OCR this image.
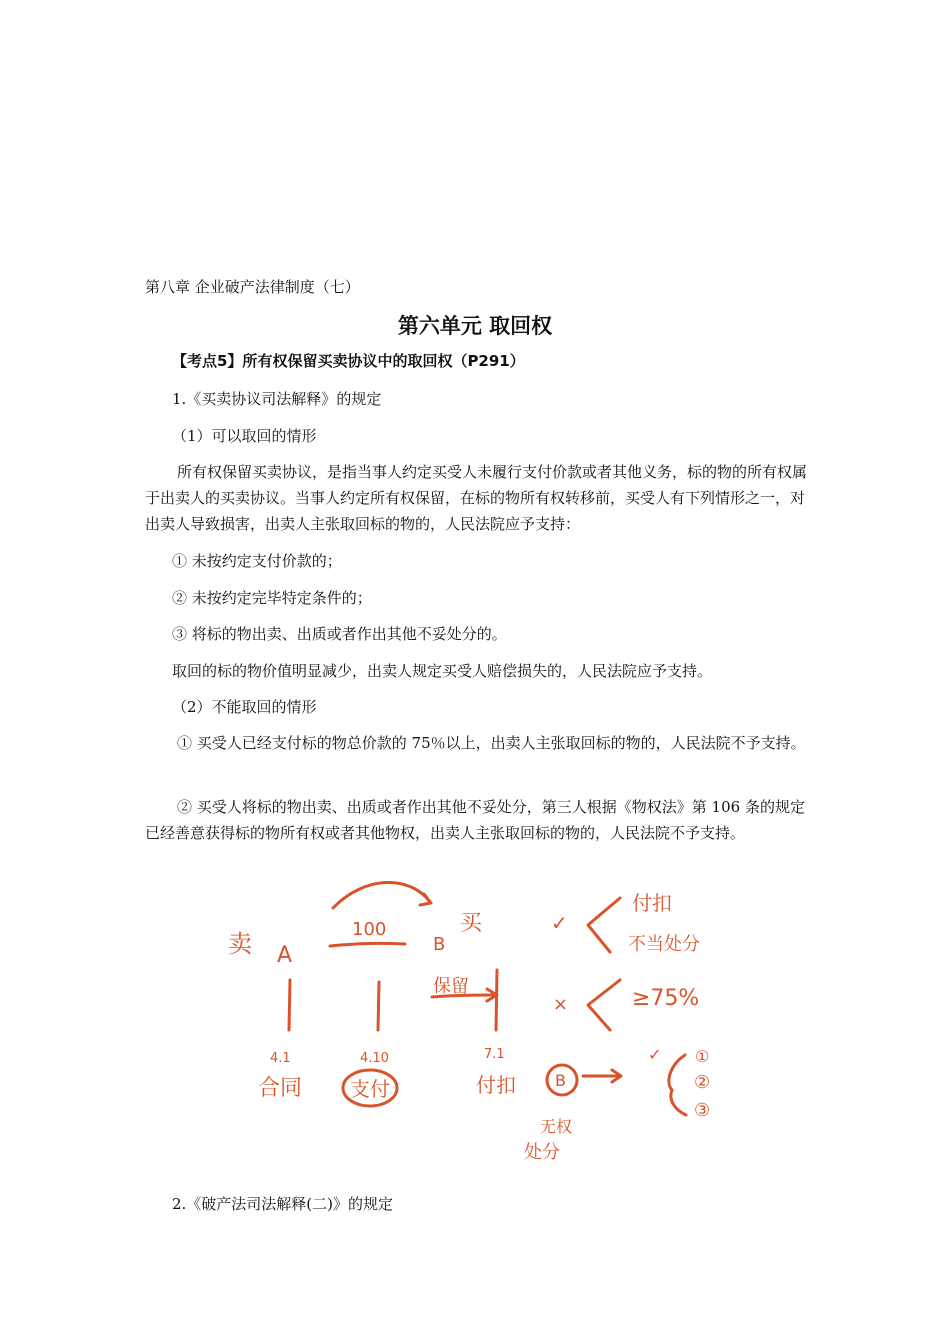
第八章 企业破产法律制度（七）
第六单元 取回权
【考点5】所有权保留买卖协议中的取回权（P291）
1.《买卖协议司法解释》的规定
（1）可以取回的情形

所有权保留买卖协议，是指当事人约定买受人未履行支付价款或者其他义务，标的物的所有权属于出卖人的买卖协议。当事人约定所有权保留，在标的物所有权转移前，买受人有下列情形之一，对出卖人导致损害，出卖人主张取回标的物的，人民法院应予支持：

① 未按约定支付价款的；
② 未按约定完毕特定条件的；
③ 将标的物出卖、出质或者作出其他不妥处分的。
取回的标的物价值明显减少，出卖人规定买受人赔偿损失的，人民法院应予支持。
（2）不能取回的情形

① 买受人已经支付标的物总价款的 75％以上，出卖人主张取回标的物的，人民法院不予支持。

② 买受人将标的物出卖、出质或者作出其他不妥处分，第三人根据《物权法》第 106 条的规定已经善意获得标的物所有权或者其他物权，出卖人主张取回标的物的，人民法院不予支持。

卖 A
100
B
买	✓
付扣
不当处分
×	≥75%
保留
4.1
合同
4.10
支付
7.1
付扣 B
✓ ①
②
③
无权
处分
2.《破产法司法解释(二)》的规定
